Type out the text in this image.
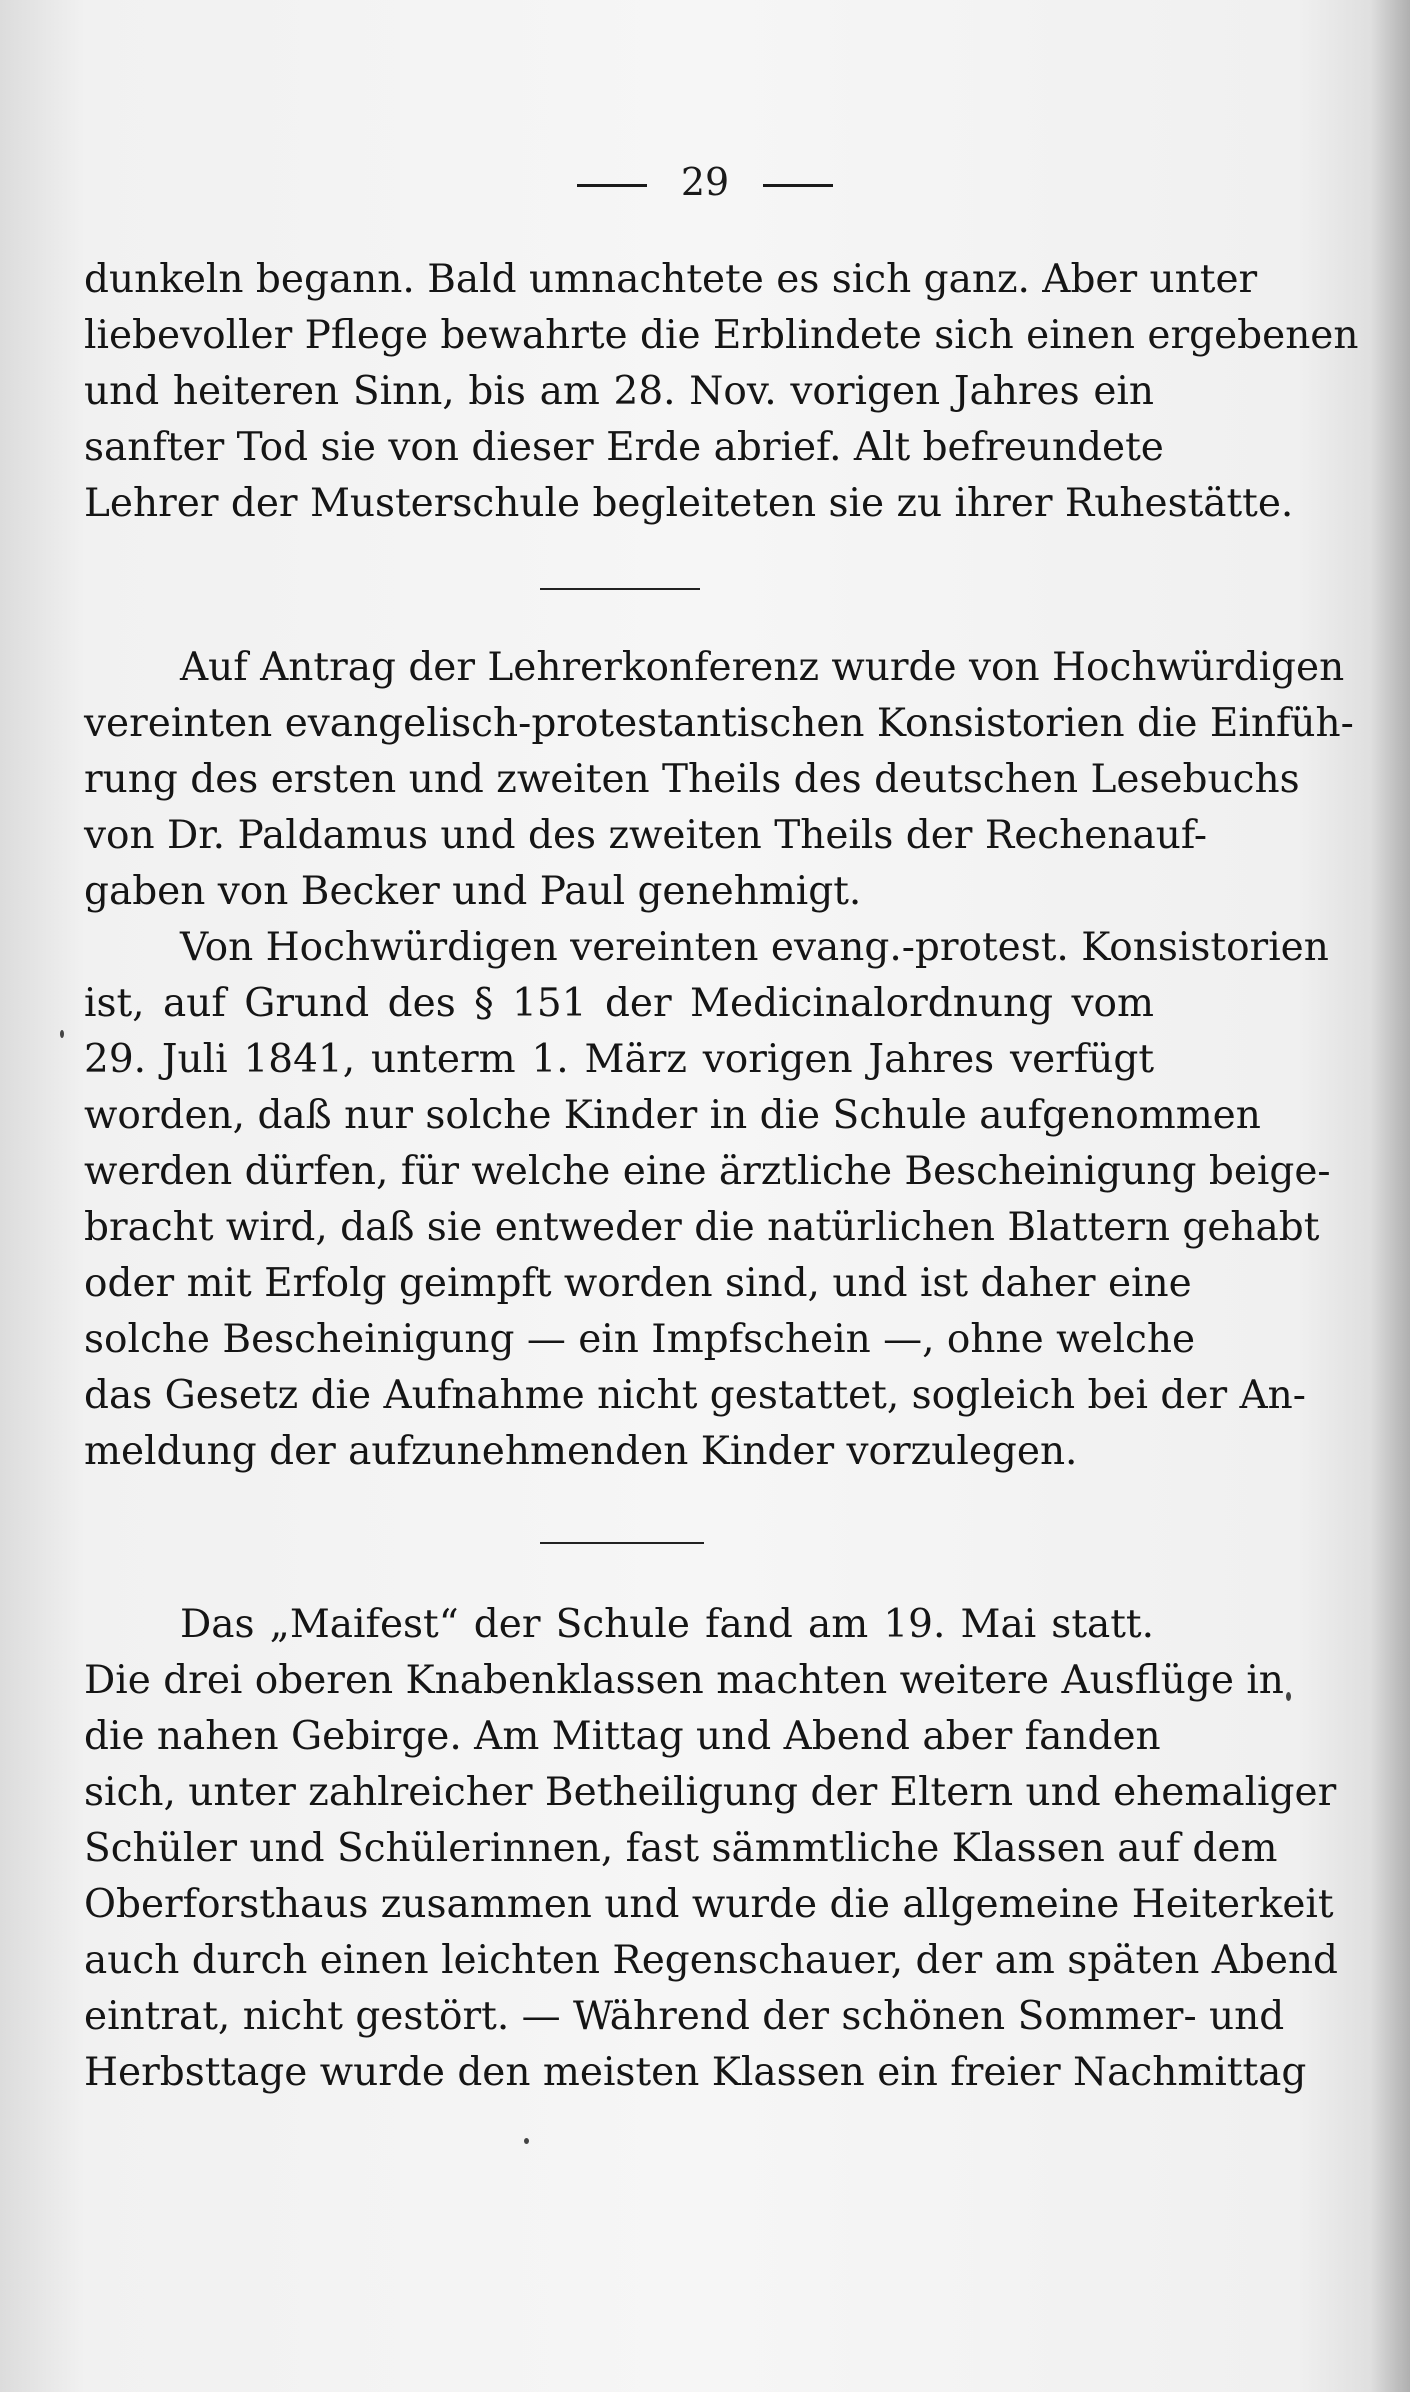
29
dunkeln begann. Bald umnachtete es sich ganz. Aber unter
liebevoller Pflege bewahrte die Erblindete sich einen ergebenen
und heiteren Sinn, bis am 28. Nov. vorigen Jahres ein
sanfter Tod sie von dieser Erde abrief. Alt befreundete
Lehrer der Musterschule begleiteten sie zu ihrer Ruhestätte.
Auf Antrag der Lehrerkonferenz wurde von Hochwürdigen
vereinten evangelisch-protestantischen Konsistorien die Einfüh-
rung des ersten und zweiten Theils des deutschen Lesebuchs
von Dr. Paldamus und des zweiten Theils der Rechenauf-
gaben von Becker und Paul genehmigt.
Von Hochwürdigen vereinten evang.-protest. Konsistorien
ist, auf Grund des § 151 der Medicinalordnung vom
29. Juli 1841, unterm 1. März vorigen Jahres verfügt
worden, daß nur solche Kinder in die Schule aufgenommen
werden dürfen, für welche eine ärztliche Bescheinigung beige-
bracht wird, daß sie entweder die natürlichen Blattern gehabt
oder mit Erfolg geimpft worden sind, und ist daher eine
solche Bescheinigung — ein Impfschein —, ohne welche
das Gesetz die Aufnahme nicht gestattet, sogleich bei der An-
meldung der aufzunehmenden Kinder vorzulegen.
Das „Maifest“ der Schule fand am 19. Mai statt.
Die drei oberen Knabenklassen machten weitere Ausflüge in
die nahen Gebirge. Am Mittag und Abend aber fanden
sich, unter zahlreicher Betheiligung der Eltern und ehemaliger
Schüler und Schülerinnen, fast sämmtliche Klassen auf dem
Oberforsthaus zusammen und wurde die allgemeine Heiterkeit
auch durch einen leichten Regenschauer, der am späten Abend
eintrat, nicht gestört. — Während der schönen Sommer- und
Herbsttage wurde den meisten Klassen ein freier Nachmittag
